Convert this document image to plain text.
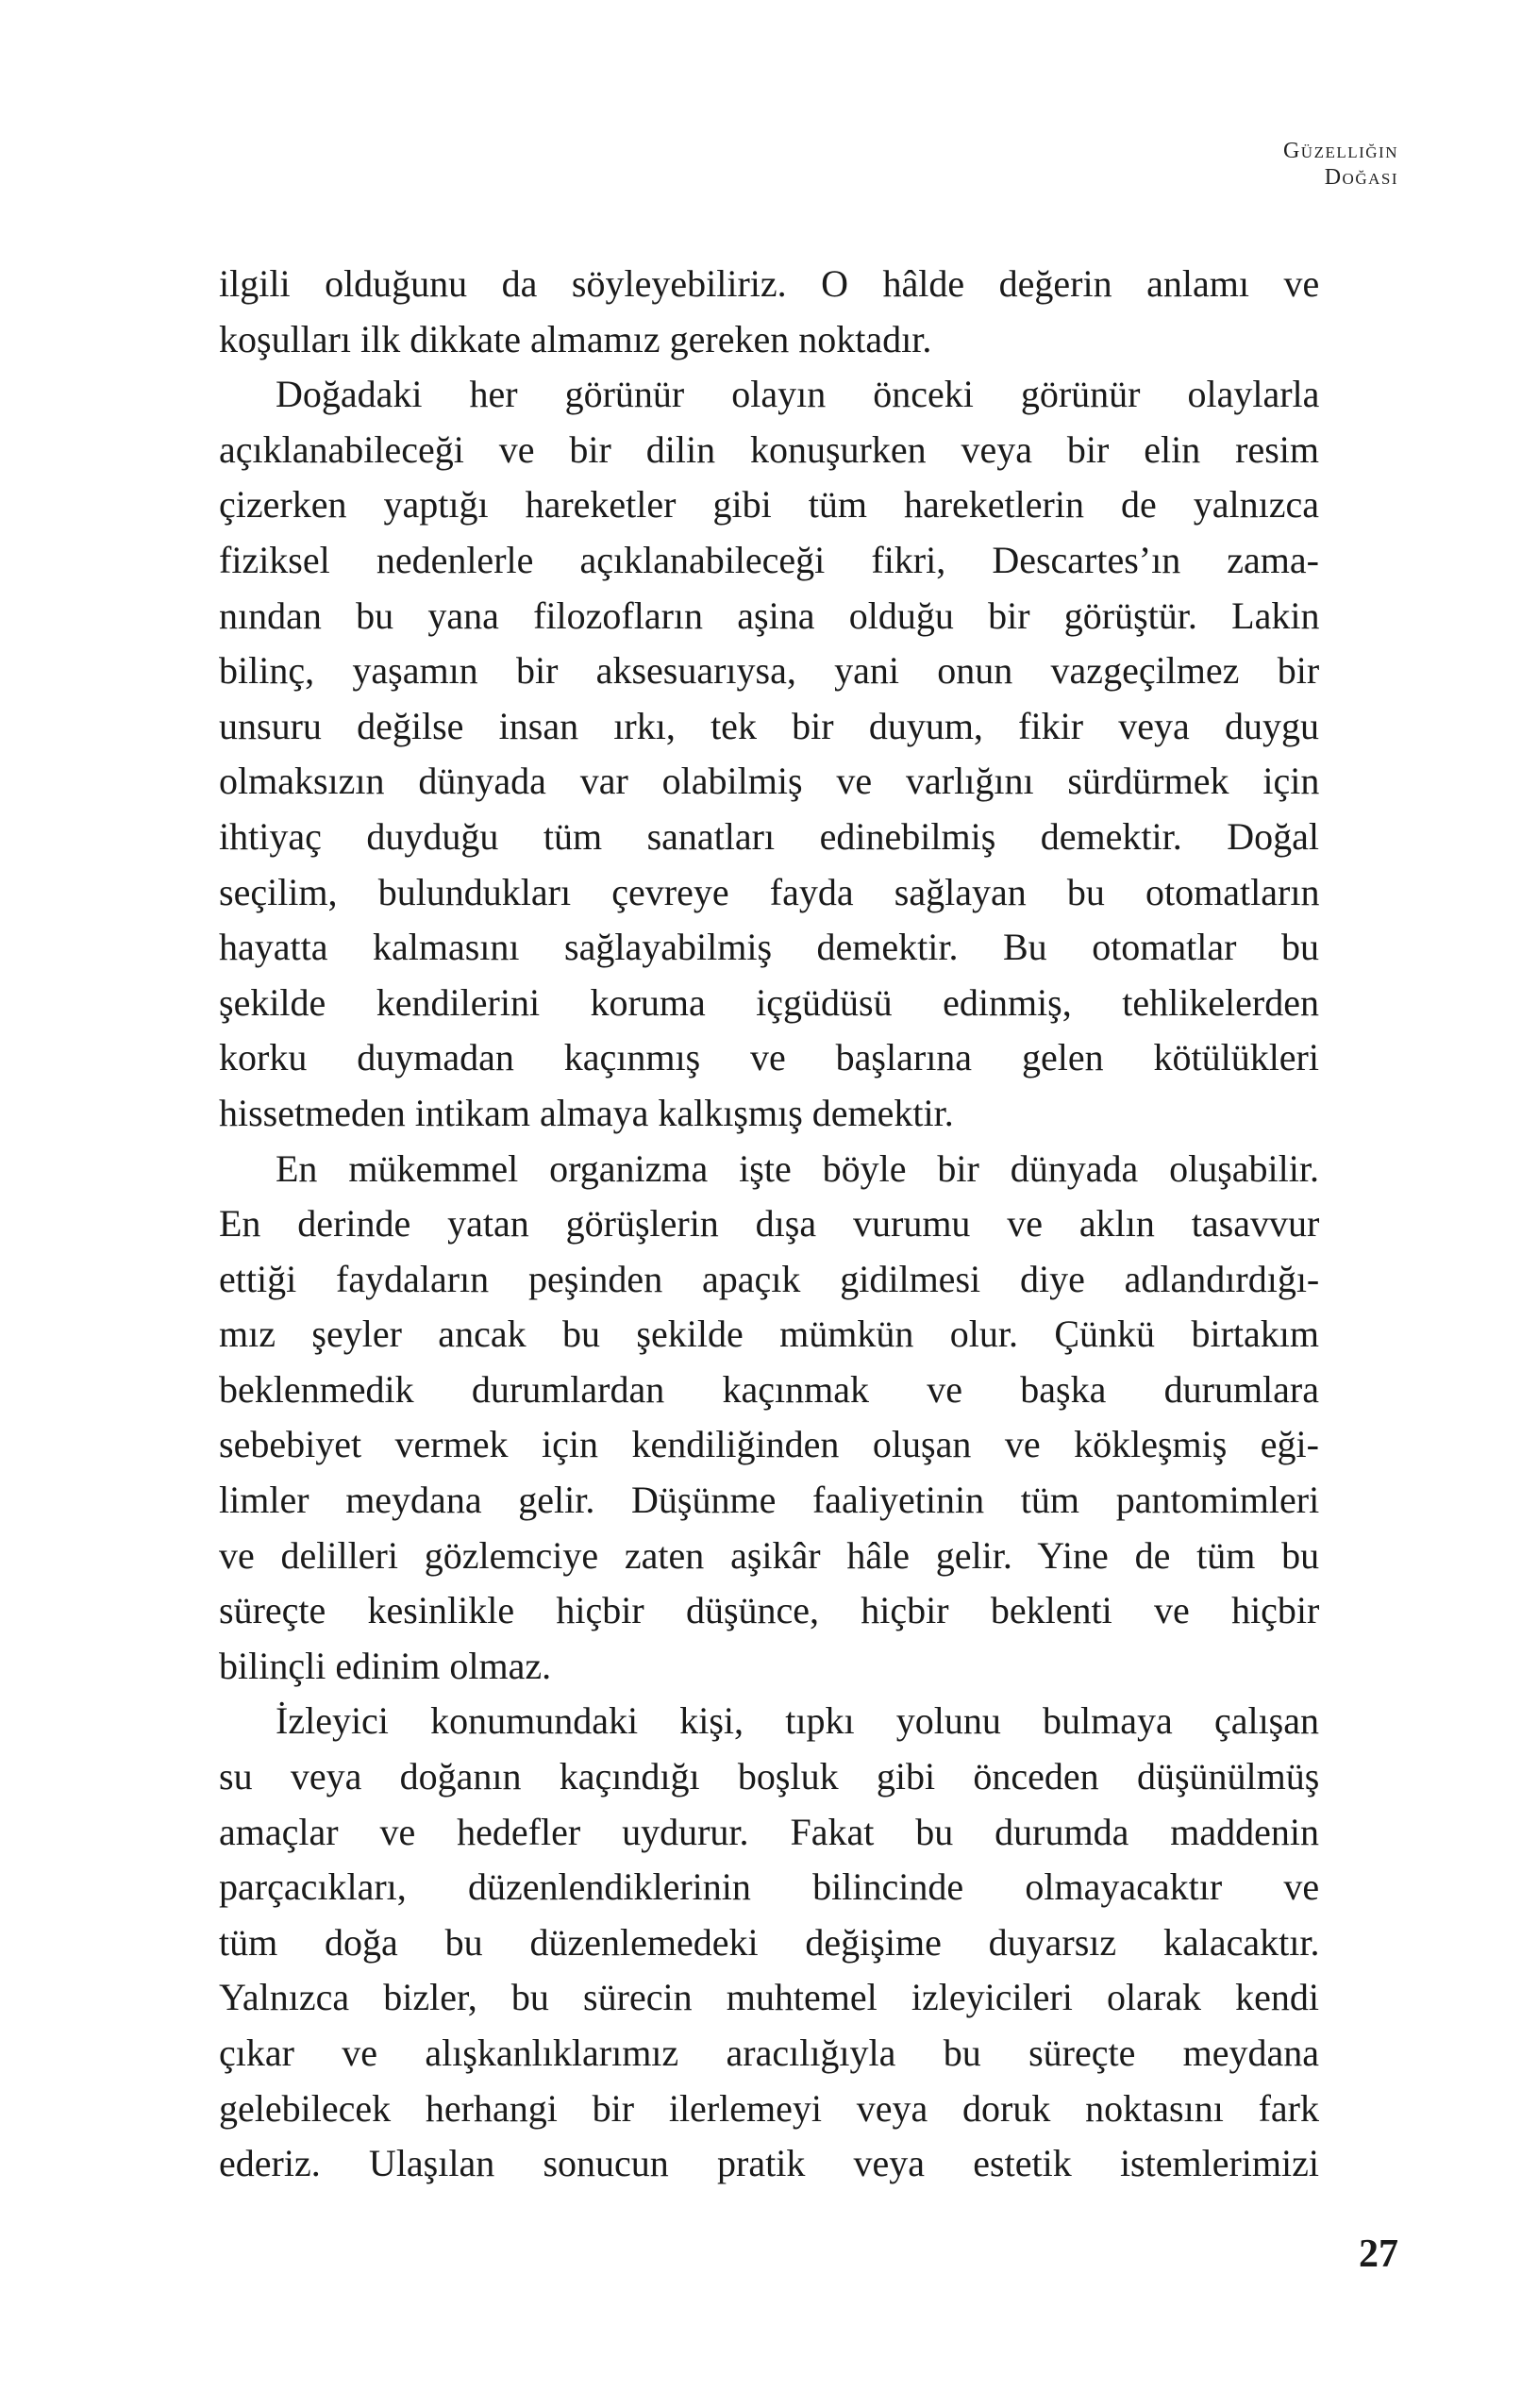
Güzelliğin
Doğası
ilgili olduğunu da söyleyebiliriz. O hâlde değerin anlamı ve
koşulları ilk dikkate almamız gereken noktadır.
Doğadaki her görünür olayın önceki görünür olaylarla
açıklanabileceği ve bir dilin konuşurken veya bir elin resim
çizerken yaptığı hareketler gibi tüm hareketlerin de yalnızca
fiziksel nedenlerle açıklanabileceği fikri, Descartes’ın zama-
nından bu yana filozofların aşina olduğu bir görüştür. Lakin
bilinç, yaşamın bir aksesuarıysa, yani onun vazgeçilmez bir
unsuru değilse insan ırkı, tek bir duyum, fikir veya duygu
olmaksızın dünyada var olabilmiş ve varlığını sürdürmek için
ihtiyaç duyduğu tüm sanatları edinebilmiş demektir. Doğal
seçilim, bulundukları çevreye fayda sağlayan bu otomatların
hayatta kalmasını sağlayabilmiş demektir. Bu otomatlar bu
şekilde kendilerini koruma içgüdüsü edinmiş, tehlikelerden
korku duymadan kaçınmış ve başlarına gelen kötülükleri
hissetmeden intikam almaya kalkışmış demektir.
En mükemmel organizma işte böyle bir dünyada oluşabilir.
En derinde yatan görüşlerin dışa vurumu ve aklın tasavvur
ettiği faydaların peşinden apaçık gidilmesi diye adlandırdığı-
mız şeyler ancak bu şekilde mümkün olur. Çünkü birtakım
beklenmedik durumlardan kaçınmak ve başka durumlara
sebebiyet vermek için kendiliğinden oluşan ve kökleşmiş eği-
limler meydana gelir. Düşünme faaliyetinin tüm pantomimleri
ve delilleri gözlemciye zaten aşikâr hâle gelir. Yine de tüm bu
süreçte kesinlikle hiçbir düşünce, hiçbir beklenti ve hiçbir
bilinçli edinim olmaz.
İzleyici konumundaki kişi, tıpkı yolunu bulmaya çalışan
su veya doğanın kaçındığı boşluk gibi önceden düşünülmüş
amaçlar ve hedefler uydurur. Fakat bu durumda maddenin
parçacıkları, düzenlendiklerinin bilincinde olmayacaktır ve
tüm doğa bu düzenlemedeki değişime duyarsız kalacaktır.
Yalnızca bizler, bu sürecin muhtemel izleyicileri olarak kendi
çıkar ve alışkanlıklarımız aracılığıyla bu süreçte meydana
gelebilecek herhangi bir ilerlemeyi veya doruk noktasını fark
ederiz. Ulaşılan sonucun pratik veya estetik istemlerimizi
27
